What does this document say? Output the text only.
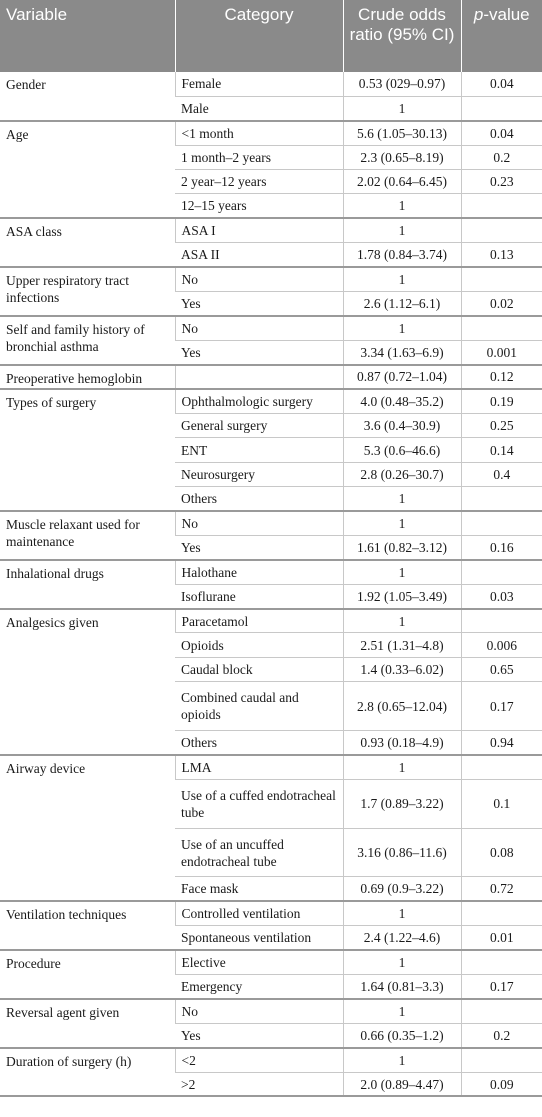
Variable	Category	Crude odds ratio (95% CI)	p-value
Gender	Female	0.53 (029–0.97)	0.04
	Male	1	
Age	<1 month	5.6 (1.05–30.13)	0.04
	1 month–2 years	2.3 (0.65–8.19)	0.2
	2 year–12 years	2.02 (0.64–6.45)	0.23
	12–15 years	1	
ASA class	ASA I	1	
	ASA II	1.78 (0.84–3.74)	0.13
Upper respiratory tract infections	No	1	
	Yes	2.6 (1.12–6.1)	0.02
Self and family history of bronchial asthma	No	1	
	Yes	3.34 (1.63–6.9)	0.001
Preoperative hemoglobin		0.87 (0.72–1.04)	0.12
Types of surgery	Ophthalmologic surgery	4.0 (0.48–35.2)	0.19
	General surgery	3.6 (0.4–30.9)	0.25
	ENT	5.3 (0.6–46.6)	0.14
	Neurosurgery	2.8 (0.26–30.7)	0.4
	Others	1	
Muscle relaxant used for maintenance	No	1	
	Yes	1.61 (0.82–3.12)	0.16
Inhalational drugs	Halothane	1	
	Isoflurane	1.92 (1.05–3.49)	0.03
Analgesics given	Paracetamol	1	
	Opioids	2.51 (1.31–4.8)	0.006
	Caudal block	1.4 (0.33–6.02)	0.65
	Combined caudal and opioids	2.8 (0.65–12.04)	0.17
	Others	0.93 (0.18–4.9)	0.94
Airway device	LMA	1	
	Use of a cuffed endotracheal tube	1.7 (0.89–3.22)	0.1
	Use of an uncuffed endotracheal tube	3.16 (0.86–11.6)	0.08
	Face mask	0.69 (0.9–3.22)	0.72
Ventilation techniques	Controlled ventilation	1	
	Spontaneous ventilation	2.4 (1.22–4.6)	0.01
Procedure	Elective	1	
	Emergency	1.64 (0.81–3.3)	0.17
Reversal agent given	No	1	
	Yes	0.66 (0.35–1.2)	0.2
Duration of surgery (h)	<2	1	
	>2	2.0 (0.89–4.47)	0.09
